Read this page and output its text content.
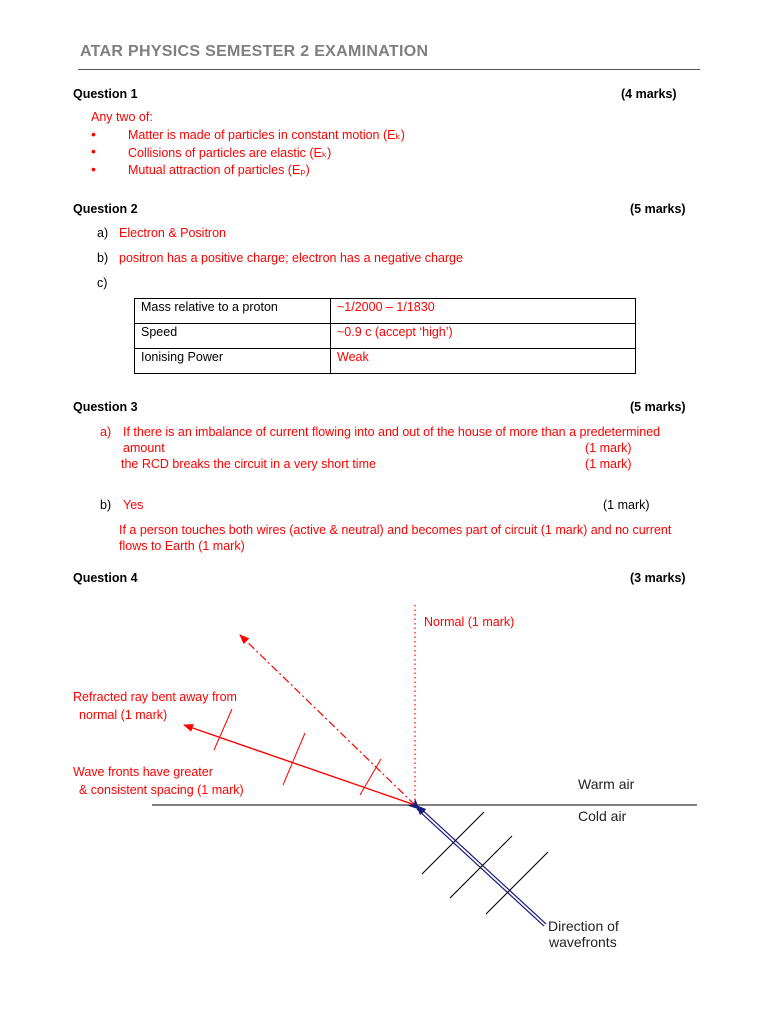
ATAR PHYSICS SEMESTER 2 EXAMINATION
Question 1	(4 marks)
Any two of:
•	Matter is made of particles in constant motion (Eₖ)
•	Collisions of particles are elastic (Eₖ)
•	Mutual attraction of particles (Eₚ)
Question 2	(5 marks)
a) Electron & Positron
b) positron has a positive charge; electron has a negative charge
c)
Mass relative to a proton	~1/2000 – 1/1830
Speed	~0.9 c (accept ‘high’)
Ionising Power	Weak
Question 3	(5 marks)
a) If there is an imbalance of current flowing into and out of the house of more than a predetermined
amount	(1 mark)
the RCD breaks the circuit in a very short time	(1 mark)
b) Yes	(1 mark)
If a person touches both wires (active & neutral) and becomes part of circuit (1 mark) and no current
flows to Earth (1 mark)
Question 4	(3 marks)
Normal (1 mark)
Refracted ray bent away from
normal (1 mark)
Wave fronts have greater
& consistent spacing (1 mark)	Warm air
Cold air
Direction of
wavefronts
